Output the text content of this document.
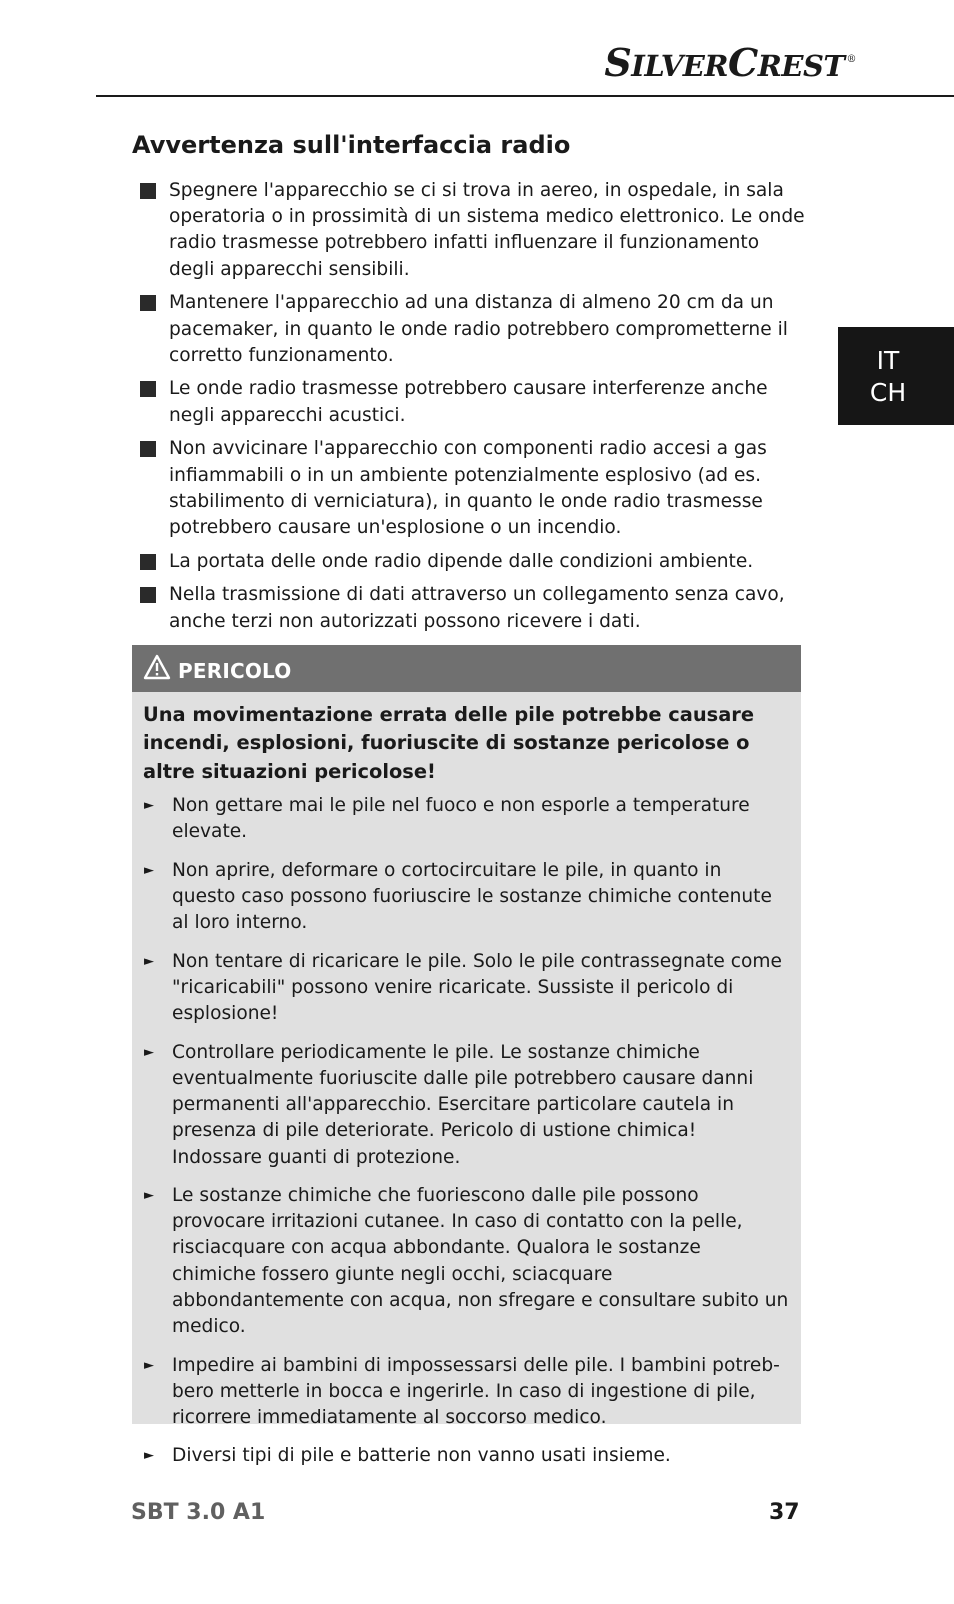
SILVERCREST ®
IT
CH
Avvertenza sull'interfaccia radio
Spegnere l'apparecchio se ci si trova in aereo, in ospedale, in sala operatoria o in prossimità di un sistema medico elettronico. Le onde radio trasmesse potrebbero infatti influenzare il funzionamento degli apparecchi sensibili.
Mantenere l'apparecchio ad una distanza di almeno 20 cm da un pacemaker, in quanto le onde radio potrebbero comprometterne il corretto funzionamento.
Le onde radio trasmesse potrebbero causare interferenze anche negli apparecchi acustici.
Non avvicinare l'apparecchio con componenti radio accesi a gas infiammabili o in un ambiente potenzialmente esplosivo (ad es. stabilimento di verniciatura), in quanto le onde radio trasmesse potrebbero causare un'esplosione o un incendio.
La portata delle onde radio dipende dalle condizioni ambiente.
Nella trasmissione di dati attraverso un collegamento senza cavo, anche terzi non autorizzati possono ricevere i dati.
PERICOLO

Una movimentazione errata delle pile potrebbe causare incendi, esplosioni, fuoriuscite di sostanze pericolose o altre situazioni pericolose!

► Non gettare mai le pile nel fuoco e non esporle a temperature elevate.
► Non aprire, deformare o cortocircuitare le pile, in quanto in questo caso possono fuoriuscire le sostanze chimiche contenute al loro interno.
► Non tentare di ricaricare le pile. Solo le pile contrassegnate come "ricaricabili" possono venire ricaricate. Sussiste il pericolo di esplosione!
► Controllare periodicamente le pile. Le sostanze chimiche eventualmente fuoriuscite dalle pile potrebbero causare danni permanenti all'apparecchio. Esercitare particolare cautela in presenza di pile deteriorate. Pericolo di ustione chimica! Indossare guanti di protezione.
► Le sostanze chimiche che fuoriescono dalle pile possono provocare irritazioni cutanee. In caso di contatto con la pelle, risciacquare con acqua abbondante. Qualora le sostanze chimiche fossero giunte negli occhi, sciacquare abbondantemente con acqua, non sfregare e consultare subito un medico.
► Impedire ai bambini di impossessarsi delle pile. I bambini potrebbero metterle in bocca e ingerirle. In caso di ingestione di pile, ricorrere immediatamente al soccorso medico.
► Diversi tipi di pile e batterie non vanno usati insieme.
SBT 3.0 A1	37
